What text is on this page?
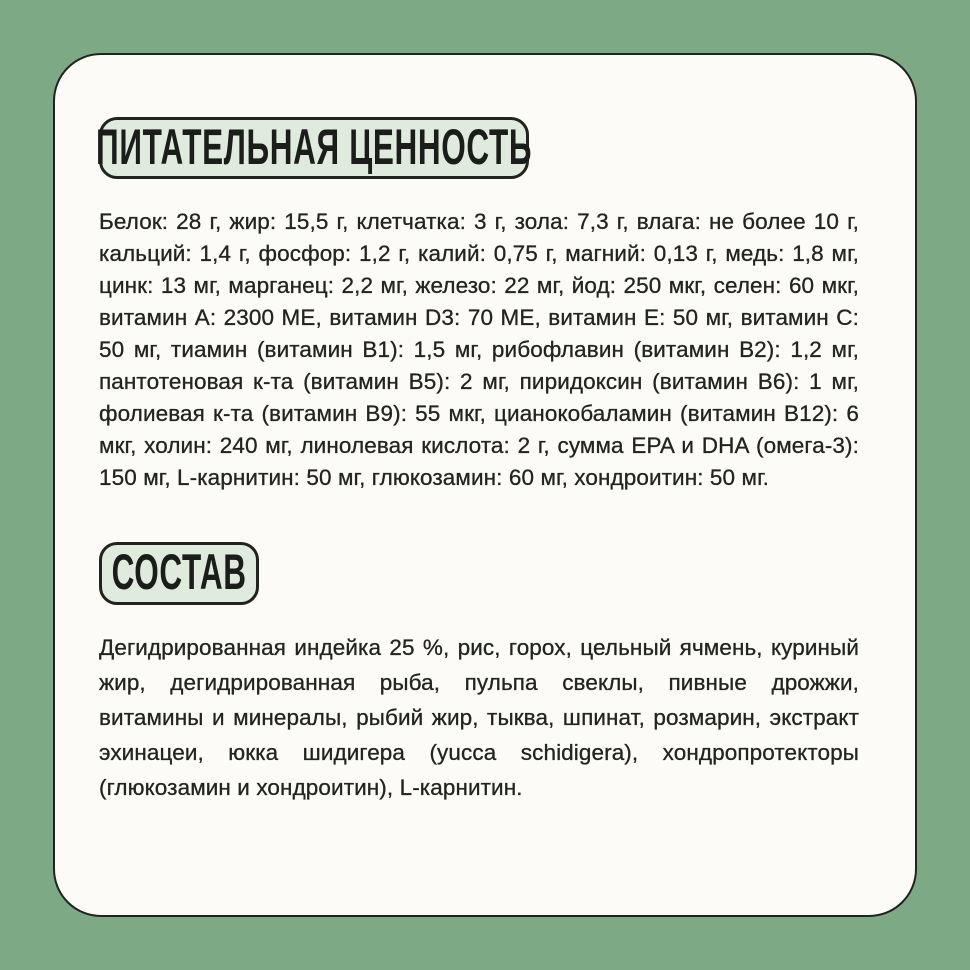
ПИТАТЕЛЬНАЯ ЦЕННОСТЬ

Белок: 28 г, жир: 15,5 г, клетчатка: 3 г, зола: 7,3 г, влага: не более 10 г, кальций: 1,4 г, фосфор: 1,2 г, калий: 0,75 г, магний: 0,13 г, медь: 1,8 мг, цинк: 13 мг, марганец: 2,2 мг, железо: 22 мг, йод: 250 мкг, селен: 60 мкг, витамин А: 2300 МЕ, витамин D3: 70 МЕ, витамин Е: 50 мг, витамин С: 50 мг, тиамин (витамин В1): 1,5 мг, рибофлавин (витамин В2): 1,2 мг, пантотеновая к-та (витамин В5): 2 мг, пиридоксин (витамин В6): 1 мг, фолиевая к-та (витамин В9): 55 мкг, цианокобаламин (витамин В12): 6 мкг, холин: 240 мг, линолевая кислота: 2 г, сумма EPA и DHA (омега-3): 150 мг, L-карнитин: 50 мг, глюкозамин: 60 мг, хондроитин: 50 мг.

СОСТАВ

Дегидрированная индейка 25 %, рис, горох, цельный ячмень, куриный жир, дегидрированная рыба, пульпа свеклы, пивные дрожжи, витамины и минералы, рыбий жир, тыква, шпинат, розмарин, экстракт эхинацеи, юкка шидигера (yucca schidigera), хондропротекторы (глюкозамин и хондроитин), L-карнитин.
